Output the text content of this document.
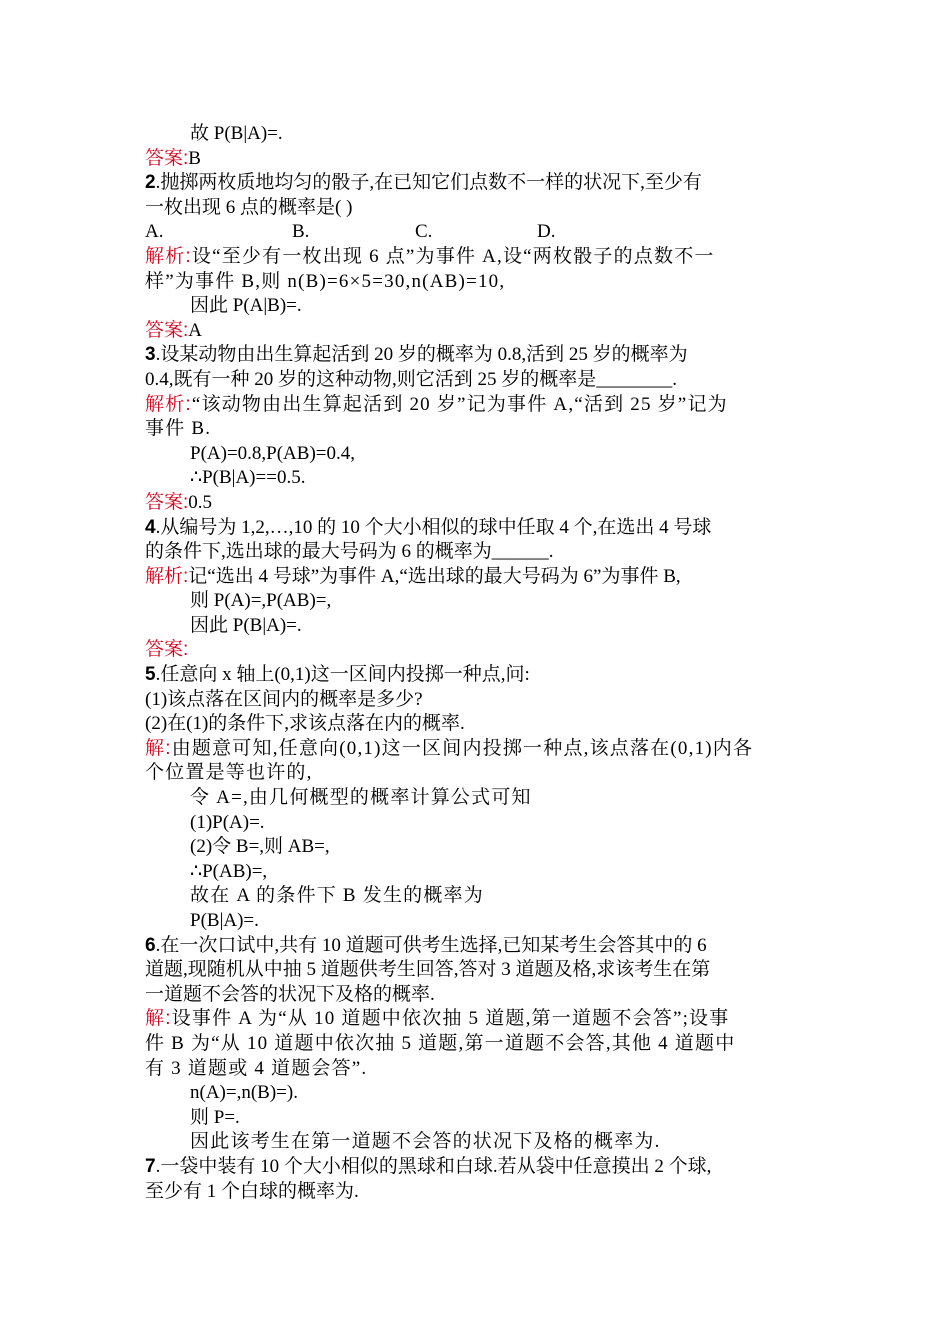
故 P(B|A)=.
答案:B
2.抛掷两枚质地均匀的骰子,在已知它们点数不一样的状况下,至少有
一枚出现 6 点的概率是( )
A.	B.	C.	D.
解析:设“至少有一枚出现 6 点”为事件 A,设“两枚骰子的点数不一
样”为事件 B,则 n(B)=6×5=30,n(AB)=10,
因此 P(A|B)=.
答案:A
3.设某动物由出生算起活到 20 岁的概率为 0.8,活到 25 岁的概率为
0.4,既有一种 20 岁的这种动物,则它活到 25 岁的概率是________.
解析:“该动物由出生算起活到 20 岁”记为事件 A,“活到 25 岁”记为
事件 B.
P(A)=0.8,P(AB)=0.4,
∴P(B|A)==0.5.
答案:0.5
4.从编号为 1,2,…,10 的 10 个大小相似的球中任取 4 个,在选出 4 号球
的条件下,选出球的最大号码为 6 的概率为______.
解析:记“选出 4 号球”为事件 A,“选出球的最大号码为 6”为事件 B,
则 P(A)=,P(AB)=,
因此 P(B|A)=.
答案:
5.任意向 x 轴上(0,1)这一区间内投掷一种点,问:
(1)该点落在区间内的概率是多少?
(2)在(1)的条件下,求该点落在内的概率.
解:由题意可知,任意向(0,1)这一区间内投掷一种点,该点落在(0,1)内各
个位置是等也许的,
令 A=,由几何概型的概率计算公式可知
(1)P(A)=.
(2)令 B=,则 AB=,
∴P(AB)=,
故在 A 的条件下 B 发生的概率为
P(B|A)=.
6.在一次口试中,共有 10 道题可供考生选择,已知某考生会答其中的 6
道题,现随机从中抽 5 道题供考生回答,答对 3 道题及格,求该考生在第
一道题不会答的状况下及格的概率.
解:设事件 A 为“从 10 道题中依次抽 5 道题,第一道题不会答”;设事
件 B 为“从 10 道题中依次抽 5 道题,第一道题不会答,其他 4 道题中
有 3 道题或 4 道题会答”.
n(A)=,n(B)=).
则 P=.
因此该考生在第一道题不会答的状况下及格的概率为.
7.一袋中装有 10 个大小相似的黑球和白球.若从袋中任意摸出 2 个球,
至少有 1 个白球的概率为.
